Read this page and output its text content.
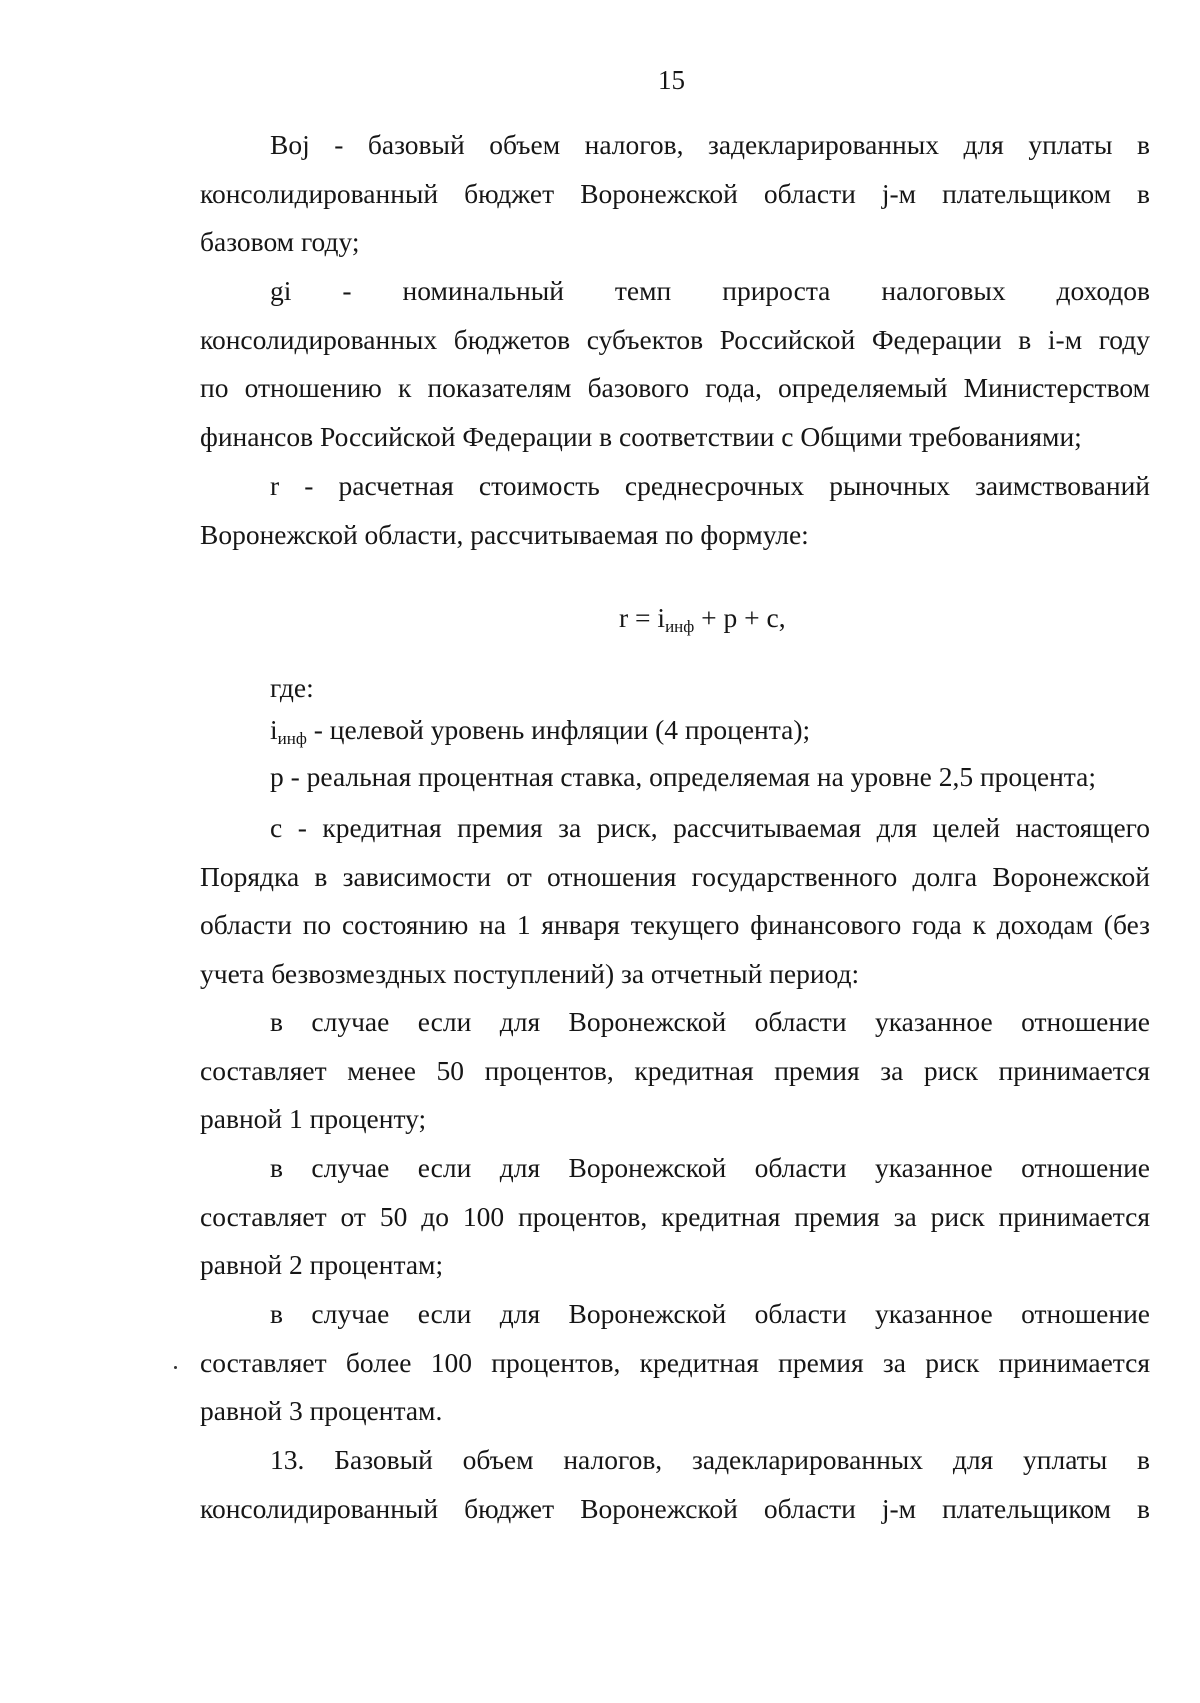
15
Boj - базовый объем налогов, задекларированных для уплаты в
консолидированный бюджет Воронежской области j-м плательщиком в
базовом году;
gi - номинальный темп прироста налоговых доходов
консолидированных бюджетов субъектов Российской Федерации в i-м году
по отношению к показателям базового года, определяемый Министерством
финансов Российской Федерации в соответствии с Общими требованиями;
r - расчетная стоимость среднесрочных рыночных заимствований
Воронежской области, рассчитываемая по формуле:
$r = i_{инф} + p + c$,
где:
$i_{инф}$ - целевой уровень инфляции (4 процента);
p - реальная процентная ставка, определяемая на уровне 2,5 процента;
c - кредитная премия за риск, рассчитываемая для целей настоящего
Порядка в зависимости от отношения государственного долга Воронежской
области по состоянию на 1 января текущего финансового года к доходам (без
учета безвозмездных поступлений) за отчетный период:
в случае если для Воронежской области указанное отношение
составляет менее 50 процентов, кредитная премия за риск принимается
равной 1 проценту;
в случае если для Воронежской области указанное отношение
составляет от 50 до 100 процентов, кредитная премия за риск принимается
равной 2 процентам;
в случае если для Воронежской области указанное отношение
составляет более 100 процентов, кредитная премия за риск принимается
равной 3 процентам.
13. Базовый объем налогов, задекларированных для уплаты в
консолидированный бюджет Воронежской области j-м плательщиком в
